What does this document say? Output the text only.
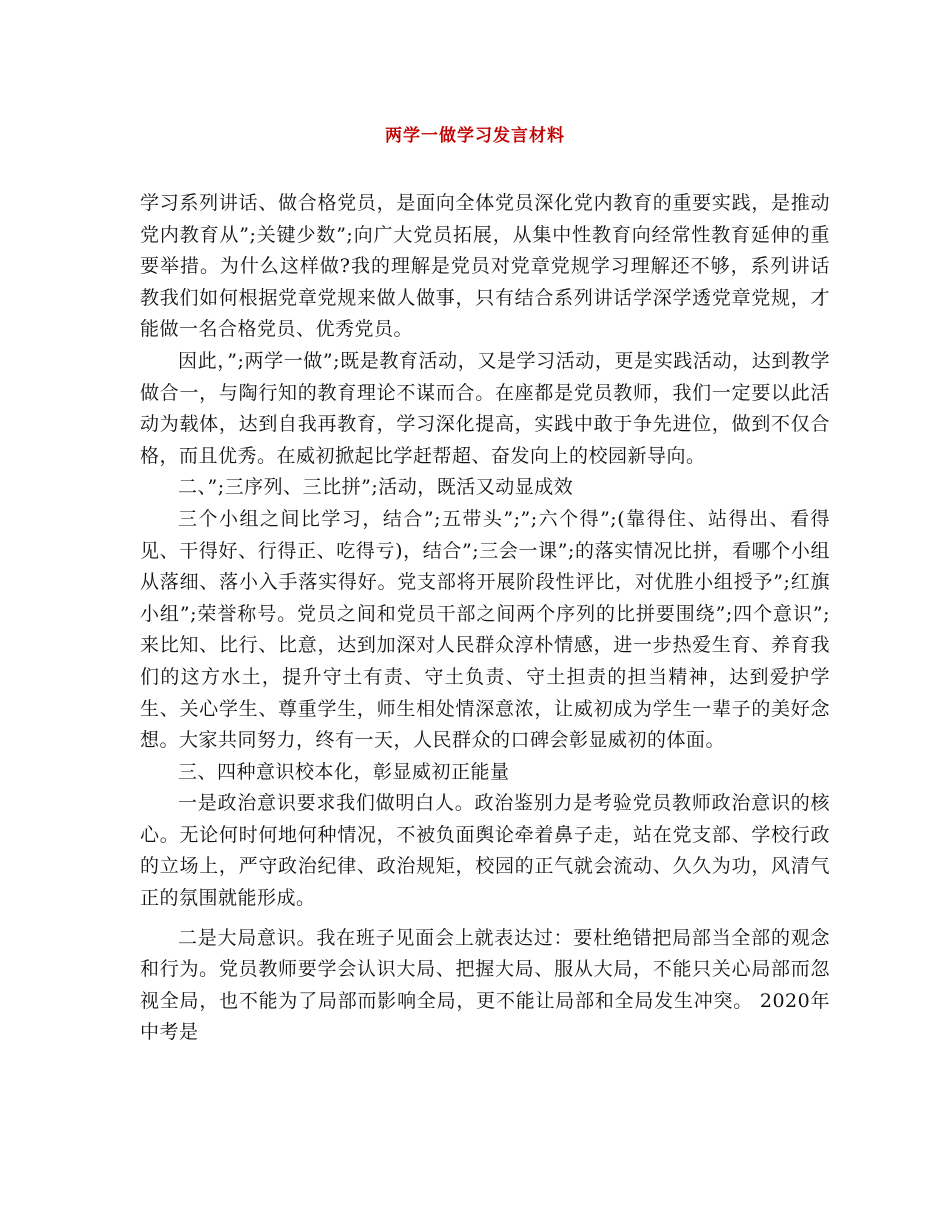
两学一做学习发言材料

学习系列讲话、做合格党员，是面向全体党员深化党内教育的重要实践，是推动党内教育从”;关键少数”;向广大党员拓展，从集中性教育向经常性教育延伸的重要举措。为什么这样做?我的理解是党员对党章党规学习理解还不够，系列讲话教我们如何根据党章党规来做人做事，只有结合系列讲话学深学透党章党规，才能做一名合格党员、优秀党员。

因此，”;两学一做”;既是教育活动，又是学习活动，更是实践活动，达到教学做合一，与陶行知的教育理论不谋而合。在座都是党员教师，我们一定要以此活动为载体，达到自我再教育，学习深化提高，实践中敢于争先进位，做到不仅合格，而且优秀。在威初掀起比学赶帮超、奋发向上的校园新导向。

二、”;三序列、三比拼”;活动，既活又动显成效

三个小组之间比学习，结合”;五带头”;”;六个得”;(靠得住、站得出、看得见、干得好、行得正、吃得亏)，结合”;三会一课”;的落实情况比拼，看哪个小组从落细、落小入手落实得好。党支部将开展阶段性评比，对优胜小组授予”;红旗小组”;荣誉称号。党员之间和党员干部之间两个序列的比拼要围绕”;四个意识”;来比知、比行、比意，达到加深对人民群众淳朴情感，进一步热爱生育、养育我们的这方水土，提升守土有责、守土负责、守土担责的担当精神，达到爱护学生、关心学生、尊重学生，师生相处情深意浓，让威初成为学生一辈子的美好念想。大家共同努力，终有一天，人民群众的口碑会彰显威初的体面。

三、四种意识校本化，彰显威初正能量

一是政治意识要求我们做明白人。政治鉴别力是考验党员教师政治意识的核心。无论何时何地何种情况，不被负面舆论牵着鼻子走，站在党支部、学校行政的立场上，严守政治纪律、政治规矩，校园的正气就会流动、久久为功，风清气正的氛围就能形成。

二是大局意识。我在班子见面会上就表达过：要杜绝错把局部当全部的观念和行为。党员教师要学会认识大局、把握大局、服从大局，不能只关心局部而忽视全局，也不能为了局部而影响全局，更不能让局部和全局发生冲突。 2020年中考是
